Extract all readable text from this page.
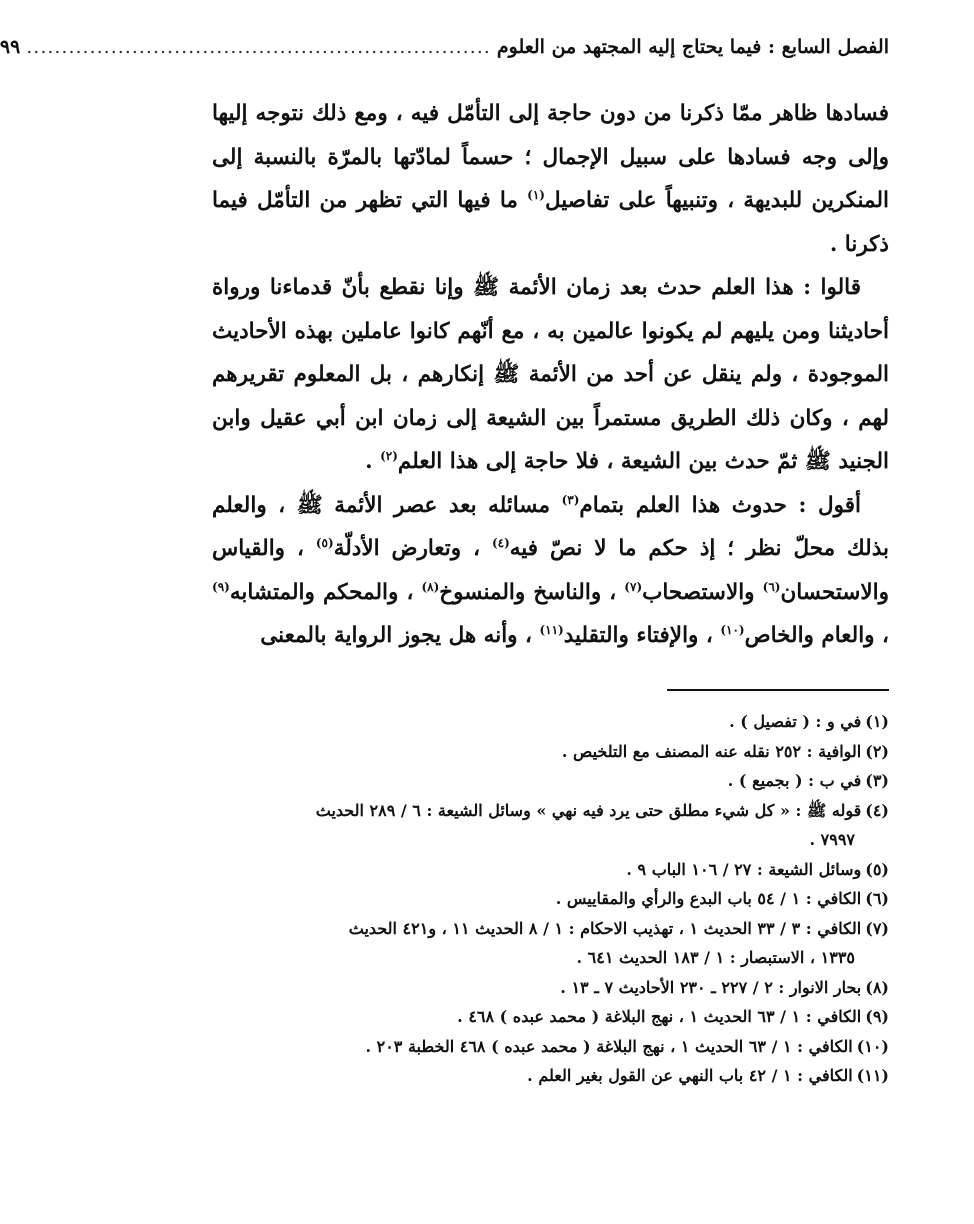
الفصل السابع : فيما يحتاج إليه المجتهد من العلوم
..................................................................
٩٩

فسادها ظاهر ممّا ذكرنا من دون حاجة إلى التأمّل فيه ، ومع ذلك نتوجه إليها وإلى وجه فسادها على سبيل الإجمال ؛ حسماً لمادّتها بالمرّة بالنسبة إلى المنكرين للبديهة ، وتنبيهاً على تفاصيل$^{(١)}$ ما فيها التي تظهر من التأمّل فيما ذكرنا .

قالوا : هذا العلم حدث بعد زمان الأئمة ﷺ وإنا نقطع بأنّ قدماءنا ورواة أحاديثنا ومن يليهم لم يكونوا عالمين به ، مع أنّهم كانوا عاملين بهذه الأحاديث الموجودة ، ولم ينقل عن أحد من الأئمة ﷺ إنكارهم ، بل المعلوم تقريرهم لهم ، وكان ذلك الطريق مستمراً بين الشيعة إلى زمان ابن أبي عقيل وابن الجنيد ﷺ ثمّ حدث بين الشيعة ، فلا حاجة إلى هذا العلم$^{(٢)}$ .

أقول : حدوث هذا العلم بتمام$^{(٣)}$ مسائله بعد عصر الأئمة ﷺ ، والعلم بذلك محلّ نظر ؛ إذ حكم ما لا نصّ فيه$^{(٤)}$ ، وتعارض الأدلّة$^{(٥)}$ ، والقياس والاستحسان$^{(٦)}$ والاستصحاب$^{(٧)}$ ، والناسخ والمنسوخ$^{(٨)}$ ، والمحكم والمتشابه$^{(٩)}$ ، والعام والخاص$^{(١٠)}$ ، والإفتاء والتقليد$^{(١١)}$ ، وأنه هل يجوز الرواية بالمعنى

(١)في و : ( تفصيل ) .

(٢)الوافية : ٢٥٢ نقله عنه المصنف مع التلخيص .

(٣)في ب : ( بجميع ) .

(٤)قوله ﷺ : « كل شيء مطلق حتى يرد فيه نهي » وسائل الشيعة : ٦ / ٢٨٩ الحديث
٧٩٩٧ .

(٥)وسائل الشيعة : ٢٧ / ١٠٦ الباب ٩ .

(٦)الكافي : ١ / ٥٤ باب البدع والرأي والمقاييس .

(٧)الكافي : ٣ / ٣٣ الحديث ١ ، تهذيب الاحكام : ١ / ٨ الحديث ١١ ، و٤٢١ الحديث
١٣٣٥ ، الاستبصار : ١ / ١٨٣ الحديث ٦٤١ .

(٨)بحار الانوار : ٢ / ٢٢٧ ـ ٢٣٠ الأحاديث ٧ ـ ١٣ .

(٩)الكافي : ١ / ٦٣ الحديث ١ ، نهج البلاغة ( محمد عبده ) ٤٦٨ .

(١٠)الكافي : ١ / ٦٣ الحديث ١ ، نهج البلاغة ( محمد عبده ) ٤٦٨ الخطبة ٢٠٣ .

(١١)الكافي : ١ / ٤٢ باب النهي عن القول بغير العلم .
